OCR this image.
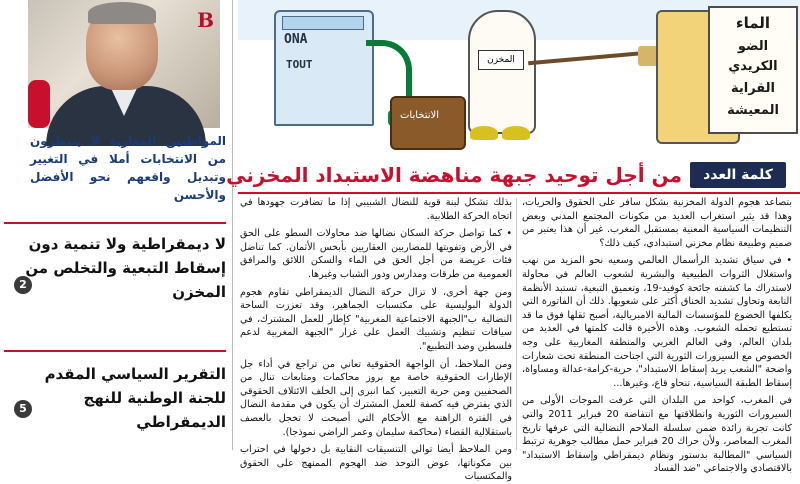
B
المواطنين المغاربة لا ينتظرون من الانتخابات أملا في التغيير وتبديل واقعهم نحو الأفضل والأحسن
لا ديمقراطية ولا تنمية دون إسقاط التبعية والتخلص من المخزن
2
التقرير السياسي المقدم للجنة الوطنية للنهج الديمقراطي
5
ONA
TOUT
الانتخابات
المخزن
الماء
الضو
الكريدي
القراية
المعيشة
من أجل توحيد جبهة مناهضة الاستبداد المخزني	كلمة العدد

بتصاعد هجوم الدولة المخزنية بشكل سافر على الحقوق والحريات، وهذا قد يثير استغراب العديد من مكونات المجتمع المدني وبعض التنظيمات السياسية المعنية بمستقبل المغرب. غير أن هذا يعتبر من صميم وطبيعة نظام مخزني استبدادي، كيف ذلك؟

• في سياق تشديد الرأسمال العالمي وسعيه نحو المزيد من نهب واستغلال الثروات الطبيعية والبشرية لشعوب العالم في محاولة لاستدراك ما كشفته جائحة كوفيد-19، وتعميق التبعية، تستبد الأنظمة التابعة وتحاول تشديد الخناق أكثر على شعوبها. ذلك أن الفاتورة التي يكلفها الخضوع للمؤسسات المالية الامبريالية، أصبح ثقلها فوق ما قد تستطيع تحمله الشعوب. وهذه الأخيرة قالت كلمتها في العديد من بلدان العالم، وفي العالم العربي والمنطقة المغاربية على وجه الخصوص مع السيرورات الثورية التي اجتاحت المنطقة تحت شعارات واضحة "الشعب يريد إسقاط الاستبداد"، حرية-كرامة-عدالة ومساواة، إسقاط الطبقة السياسية، تنحاو قاع، وغيرها...

في المغرب، كواحد من البلدان التي عرفت الموجات الأولى من السيرورات الثورية وانطلاقتها مع انتفاضة 20 فبراير 2011 والتي كانت تجربة رائدة ضمن سلسلة الملاحم النضالية التي عرفها تاريخ المغرب المعاصر، ولأن حراك 20 فبراير حمل مطالب جوهرية ترتبط السياسي "المطالبة بدستور ونظام ديمقراطي وإسقاط الاستبداد" بالاقتصادي والاجتماعي "ضد الفساد

بذلك تشكل لبنة قوية للنضال الشبيبي إذا ما تضافرت جهودها في اتجاه الحركة الطلابية.

• كما تواصل حركة السكان نضالها ضد محاولات السطو على الحق في الأرض وتفويتها للمضاربين العقاريين بأبخس الأثمان. كما تناضل فئات عريضة من أجل الحق في الماء والسكن اللائق والمرافق العمومية من طرقات ومدارس ودور الشباب وغيرها.

ومن جهة أخرى، لا تزال حركة النضال الديمقراطي تقاوم هجوم الدولة البوليسية على مكتسبات الجماهير، وقد تعززت الساحة النضالية ب"الجبهة الاجتماعية المغربية" كإطار للعمل المشترك، في سياقات تنظيم وتشبيك العمل على غرار "الجبهة المغربية لدعم فلسطين وضد التطبيع".

ومن الملاحظ، أن الواجهة الحقوقية تعاني من تراجع في أداء جل الإطارات الحقوقية خاصة مع بروز محاكمات ومتابعات تنال من الصحفيين ومن حرية التعبير، كما انبرى إلى الخلف الائتلاف الحقوقي الذي يفترض فيه كصفة للعمل المشترك أن يكون في مقدمة النضال في الفترة الراهنة مع الأحكام التي أصبحت لا تخجل بالعصف باستقلالية القضاء (محاكمة سليمان وعمر الراضي نموذجا).

ومن الملاحظ أيضا توالي التنسيقات النقابية بل دخولها في احتراب بين مكوناتها، عوض التوحد ضد الهجوم الممنهج على الحقوق والمكتسبات
